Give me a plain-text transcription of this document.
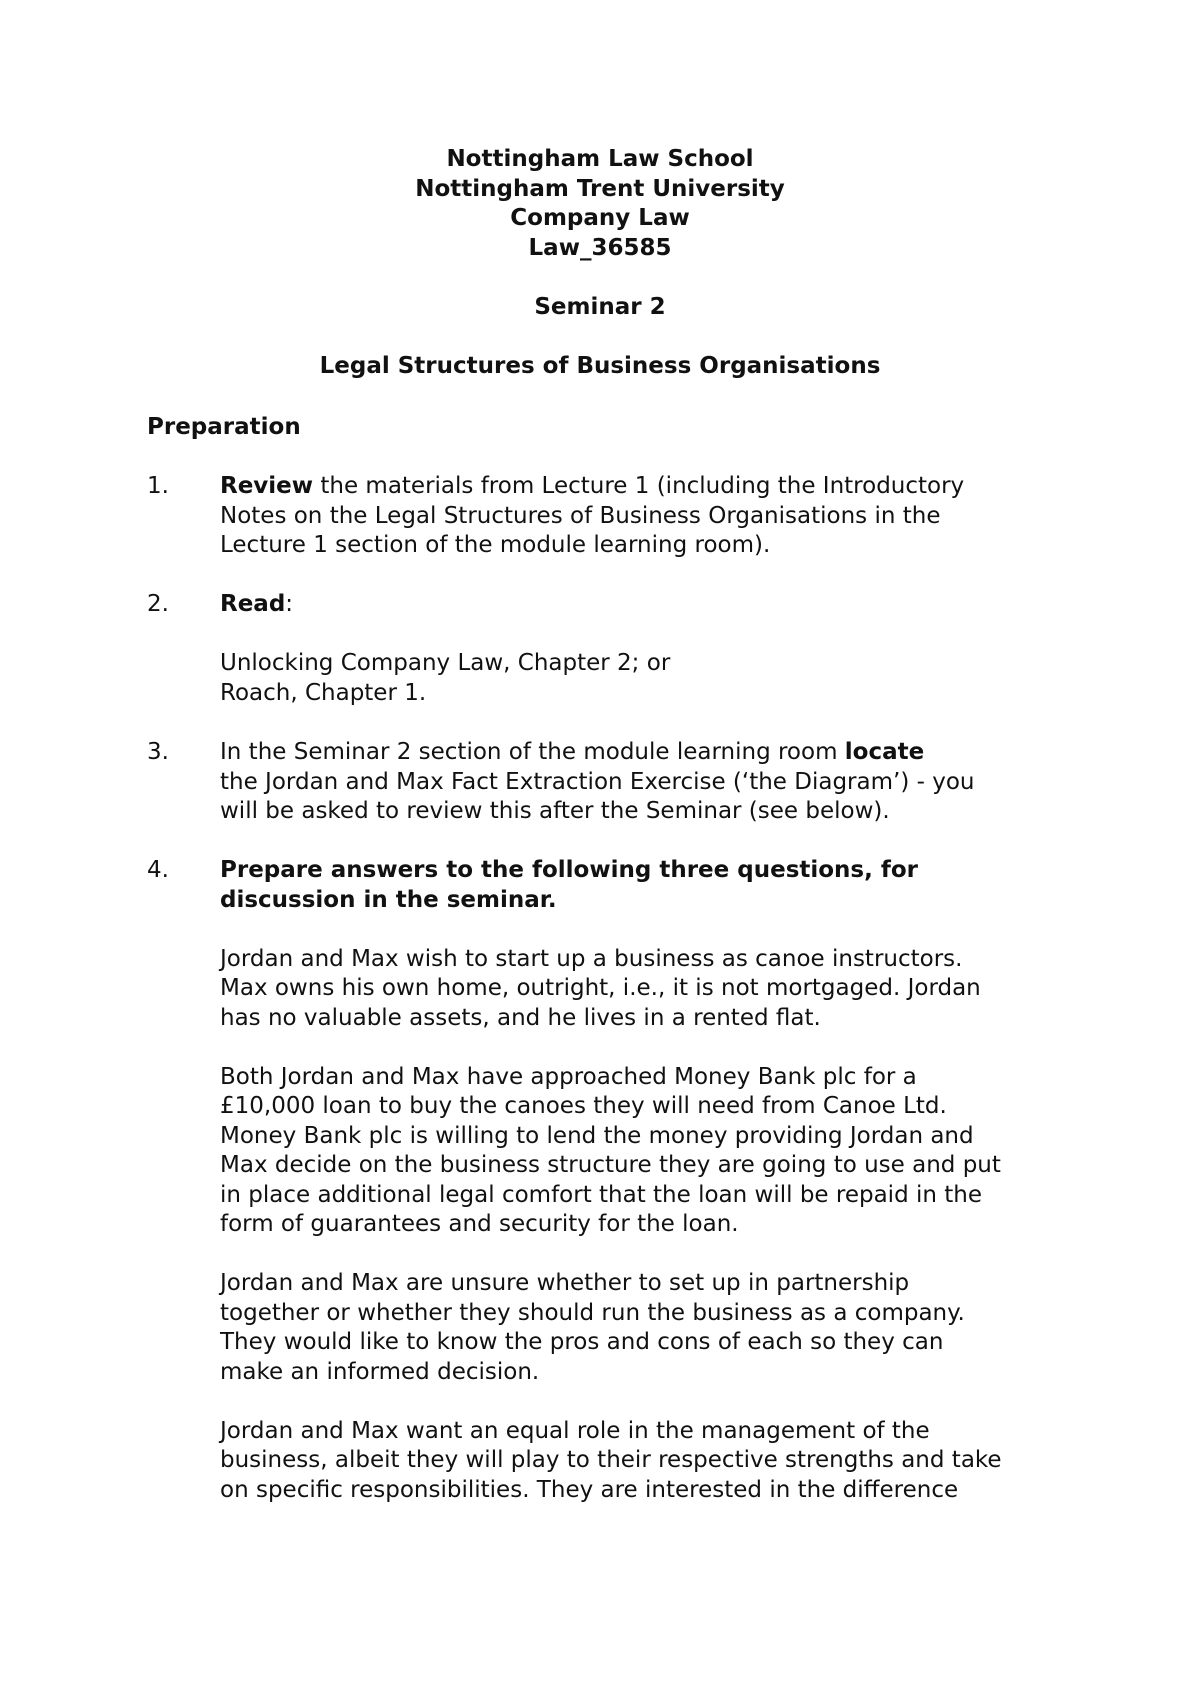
Nottingham Law School
Nottingham Trent University
Company Law
Law_36585
Seminar 2
Legal Structures of Business Organisations
Preparation
1.	Review the materials from Lecture 1 (including the Introductory
Notes on the Legal Structures of Business Organisations in the
Lecture 1 section of the module learning room).
2.	Read:
Unlocking Company Law, Chapter 2; or
Roach, Chapter 1.
3.	In the Seminar 2 section of the module learning room locate
the Jordan and Max Fact Extraction Exercise (‘the Diagram’) - you
will be asked to review this after the Seminar (see below).
4.	Prepare answers to the following three questions, for
discussion in the seminar.
Jordan and Max wish to start up a business as canoe instructors.
Max owns his own home, outright, i.e., it is not mortgaged. Jordan
has no valuable assets, and he lives in a rented flat.
Both Jordan and Max have approached Money Bank plc for a
£10,000 loan to buy the canoes they will need from Canoe Ltd.
Money Bank plc is willing to lend the money providing Jordan and
Max decide on the business structure they are going to use and put
in place additional legal comfort that the loan will be repaid in the
form of guarantees and security for the loan.
Jordan and Max are unsure whether to set up in partnership
together or whether they should run the business as a company.
They would like to know the pros and cons of each so they can
make an informed decision.
Jordan and Max want an equal role in the management of the
business, albeit they will play to their respective strengths and take
on specific responsibilities. They are interested in the difference
